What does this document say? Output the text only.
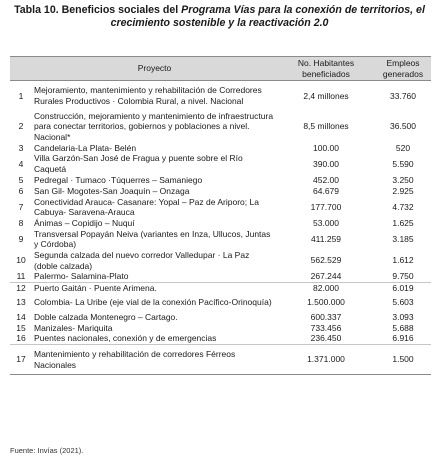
Tabla 10. Beneficios sociales del Programa Vías para la conexión de territorios, el crecimiento sostenible y la reactivación 2.0
	Proyecto	No. Habitantes beneficiados	Empleos generados
1	Mejoramiento, mantenimiento y rehabilitación de Corredores Rurales Productivos · Colombia Rural, a nivel. Nacional	2,4 millones	33.760
2	Construcción, mejoramiento y mantenimiento de infraestructura para conectar territorios, gobiernos y poblaciones a nivel. Nacional*	8,5 millones	36.500
3	Candelaria-La Plata- Belén	100.00	520
4	Villa Garzón-San José de Fragua y puente sobre el Río Caquetá	390.00	5.590
5	Pedregal · Tumaco ·Túquerres – Samaniego	452.00	3.250
6	San Gil- Mogotes-San Joaquín – Onzaga	64.679	2.925
7	Conectividad Arauca- Casanare: Yopal – Paz de Ariporo; La Cabuya- Saravena-Arauca	177.700	4.732
8	Ánimas – Copidijo – Nuquí	53.000	1.625
9	Transversal Popayán Neiva (variantes en Inza, Ullucos, Juntas y Córdoba)	411.259	3.185
10	Segunda calzada del nuevo corredor Valledupar · La Paz (doble calzada)	562.529	1.612
11	Palermo- Salamina-Plato	267.244	9.750
12	Puerto Gaitán · Puente Arimena.	82.000	6.019
13	Colombia- La Uribe (eje vial de la conexión Pacífico-Orinoquía)	1.500.000	5.603
14	Doble calzada Montenegro – Cartago.	600.337	3.093
15	Manizales- Mariquita	733.456	5.688
16	Puentes nacionales, conexión y de emergencias	236.450	6.916
17	Mantenimiento y rehabilitación de corredores Férreos Nacionales	1.371.000	1.500
Fuente: Invías (2021).
